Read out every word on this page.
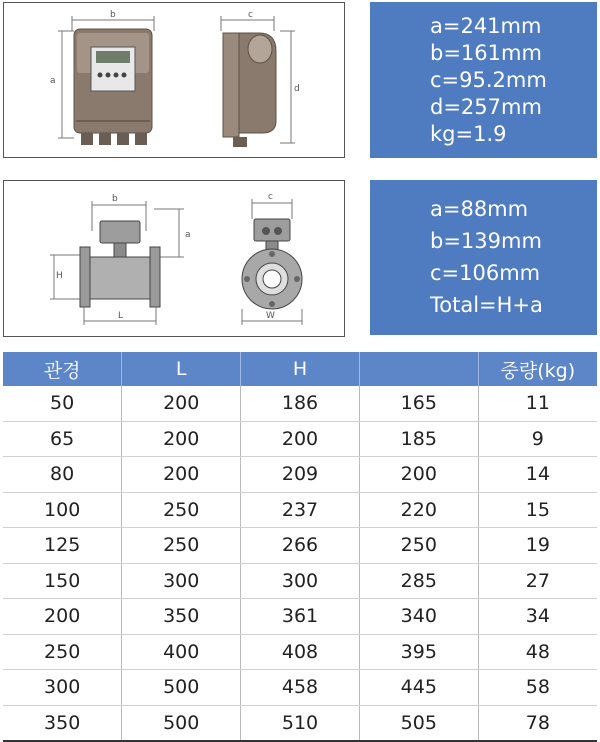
b
a
c
d
a=241mm
b=161mm
c=95.2mm
d=257mm
kg=1.9
b
a
H
L
c
W
a=88mm
b=139mm
c=106mm
Total=H+a
관경	L	H		중량(kg)
50	200	186	165	11
65	200	200	185	9
80	200	209	200	14
100	250	237	220	15
125	250	266	250	19
150	300	300	285	27
200	350	361	340	34
250	400	408	395	48
300	500	458	445	58
350	500	510	505	78
